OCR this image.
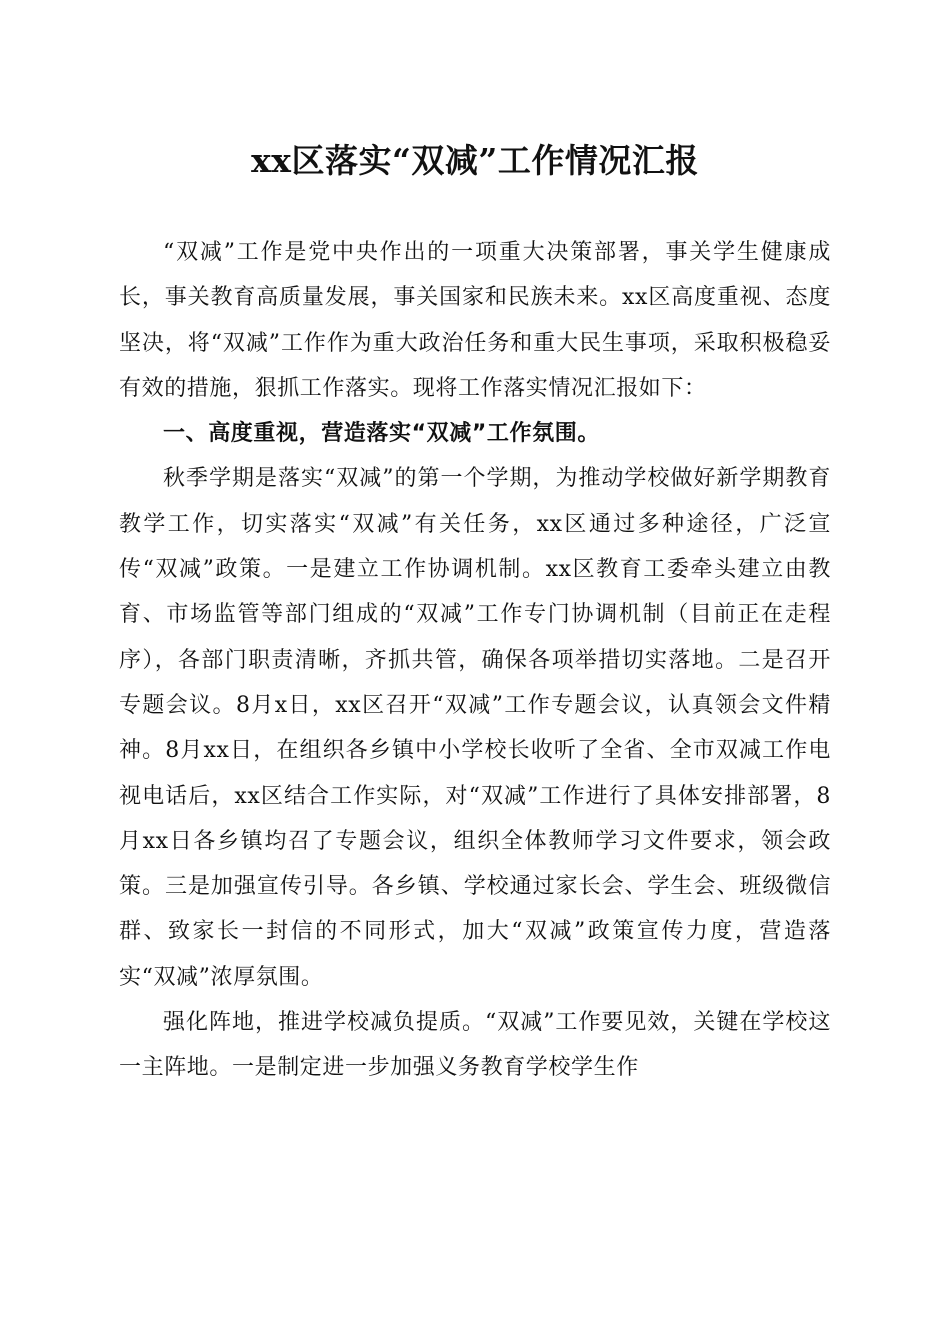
xx区落实“双减”工作情况汇报

“双减”工作是党中央作出的一项重大决策部署，事关学生健康成长，事关教育高质量发展，事关国家和民族未来。xx区高度重视、态度坚决，将“双减”工作作为重大政治任务和重大民生事项，采取积极稳妥有效的措施，狠抓工作落实。现将工作落实情况汇报如下：

一、高度重视，营造落实“双减”工作氛围。

秋季学期是落实“双减”的第一个学期，为推动学校做好新学期教育教学工作，切实落实“双减”有关任务，xx区通过多种途径，广泛宣传“双减”政策。一是建立工作协调机制。xx区教育工委牵头建立由教育、市场监管等部门组成的“双减”工作专门协调机制（目前正在走程序），各部门职责清晰，齐抓共管，确保各项举措切实落地。二是召开专题会议。8月x日，xx区召开“双减”工作专题会议，认真领会文件精神。8月xx日，在组织各乡镇中小学校长收听了全省、全市双减工作电视电话后，xx区结合工作实际，对“双减”工作进行了具体安排部署，8月xx日各乡镇均召了专题会议，组织全体教师学习文件要求，领会政策。三是加强宣传引导。各乡镇、学校通过家长会、学生会、班级微信群、致家长一封信的不同形式，加大“双减”政策宣传力度，营造落实“双减”浓厚氛围。

强化阵地，推进学校减负提质。“双减”工作要见效，关键在学校这一主阵地。一是制定进一步加强义务教育学校学生作
